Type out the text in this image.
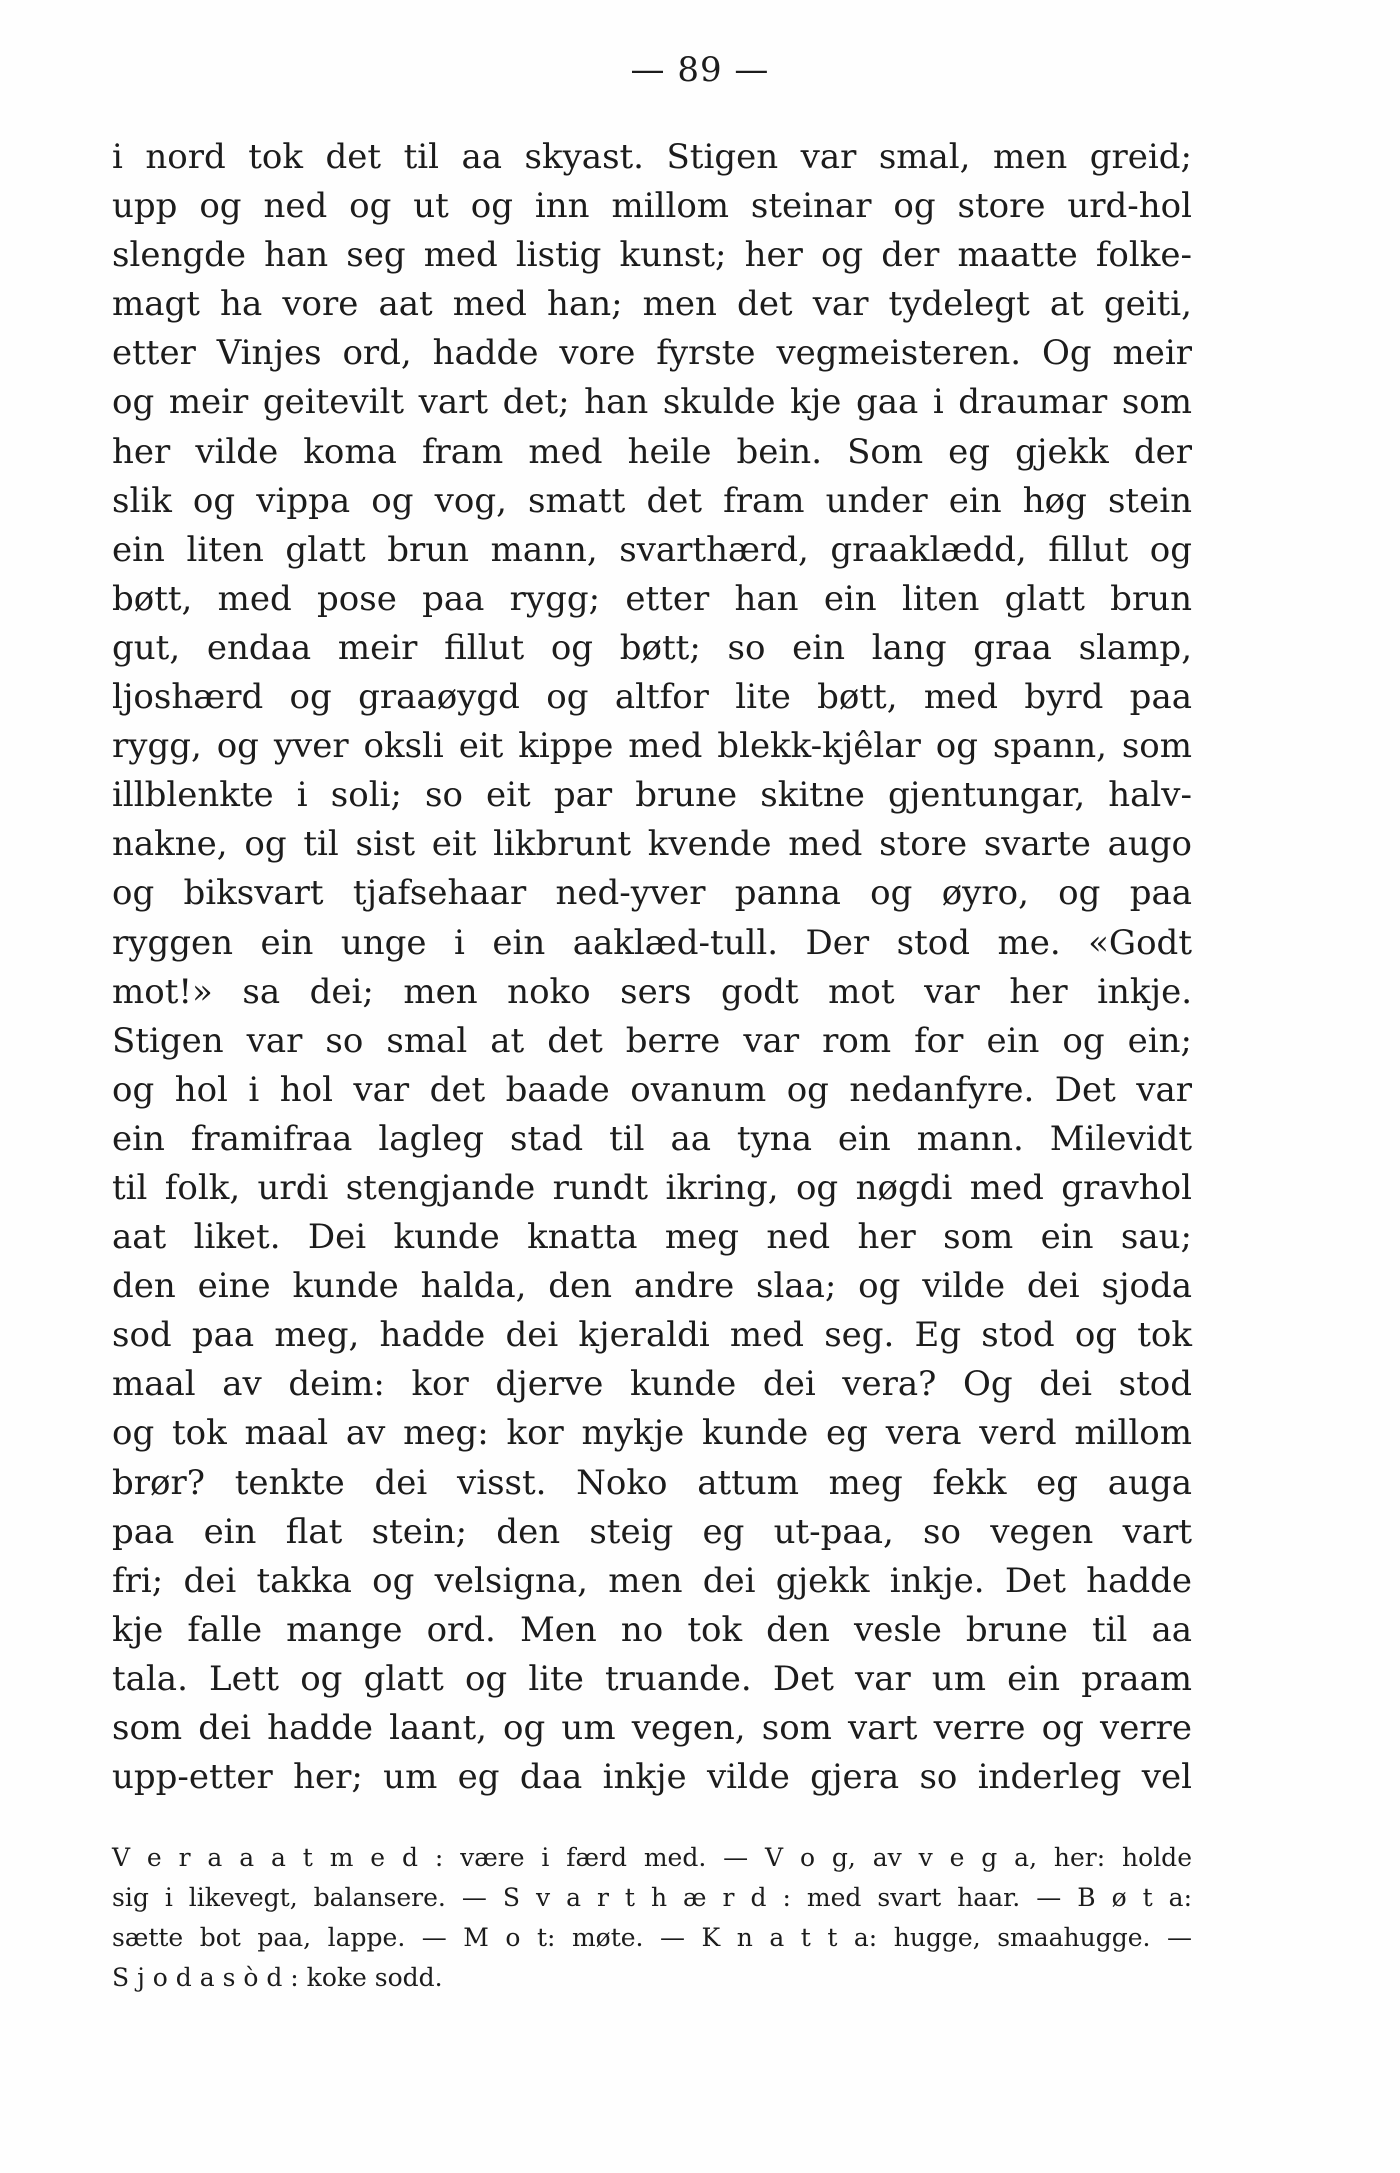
— 89 —
i nord tok det til aa skyast. Stigen var smal, men greid;
upp og ned og ut og inn millom steinar og store urd-hol
slengde han seg med listig kunst; her og der maatte folke-
magt ha vore aat med han; men det var tydelegt at geiti,
etter Vinjes ord, hadde vore fyrste vegmeisteren. Og meir
og meir geitevilt vart det; han skulde kje gaa i draumar som
her vilde koma fram med heile bein. Som eg gjekk der
slik og vippa og vog, smatt det fram under ein høg stein
ein liten glatt brun mann, svarthærd, graaklædd, fillut og
bøtt, med pose paa rygg; etter han ein liten glatt brun
gut, endaa meir fillut og bøtt; so ein lang graa slamp,
ljoshærd og graaøygd og altfor lite bøtt, med byrd paa
rygg, og yver oksli eit kippe med blekk-kjêlar og spann, som
illblenkte i soli; so eit par brune skitne gjentungar, halv-
nakne, og til sist eit likbrunt kvende med store svarte augo
og biksvart tjafsehaar ned-yver panna og øyro, og paa
ryggen ein unge i ein aaklæd-tull. Der stod me. «Godt
mot!» sa dei; men noko sers godt mot var her inkje.
Stigen var so smal at det berre var rom for ein og ein;
og hol i hol var det baade ovanum og nedanfyre. Det var
ein framifraa lagleg stad til aa tyna ein mann. Milevidt
til folk, urdi stengjande rundt ikring, og nøgdi med gravhol
aat liket. Dei kunde knatta meg ned her som ein sau;
den eine kunde halda, den andre slaa; og vilde dei sjoda
sod paa meg, hadde dei kjeraldi med seg. Eg stod og tok
maal av deim: kor djerve kunde dei vera? Og dei stod
og tok maal av meg: kor mykje kunde eg vera verd millom
brør? tenkte dei visst. Noko attum meg fekk eg auga
paa ein flat stein; den steig eg ut-paa, so vegen vart
fri; dei takka og velsigna, men dei gjekk inkje. Det hadde
kje falle mange ord. Men no tok den vesle brune til aa
tala. Lett og glatt og lite truande. Det var um ein praam
som dei hadde laant, og um vegen, som vart verre og verre
upp-etter her; um eg daa inkje vilde gjera so inderleg vel
V e r a a a t m e d : være i færd med. — V o g, av v e g a, her: holde
sig i likevegt, balansere. — S v a r t h æ r d : med svart haar. — B ø t a:
sætte bot paa, lappe. — M o t: møte. — K n a t t a: hugge, smaahugge. —
S j o d a s ò d : koke sodd.
